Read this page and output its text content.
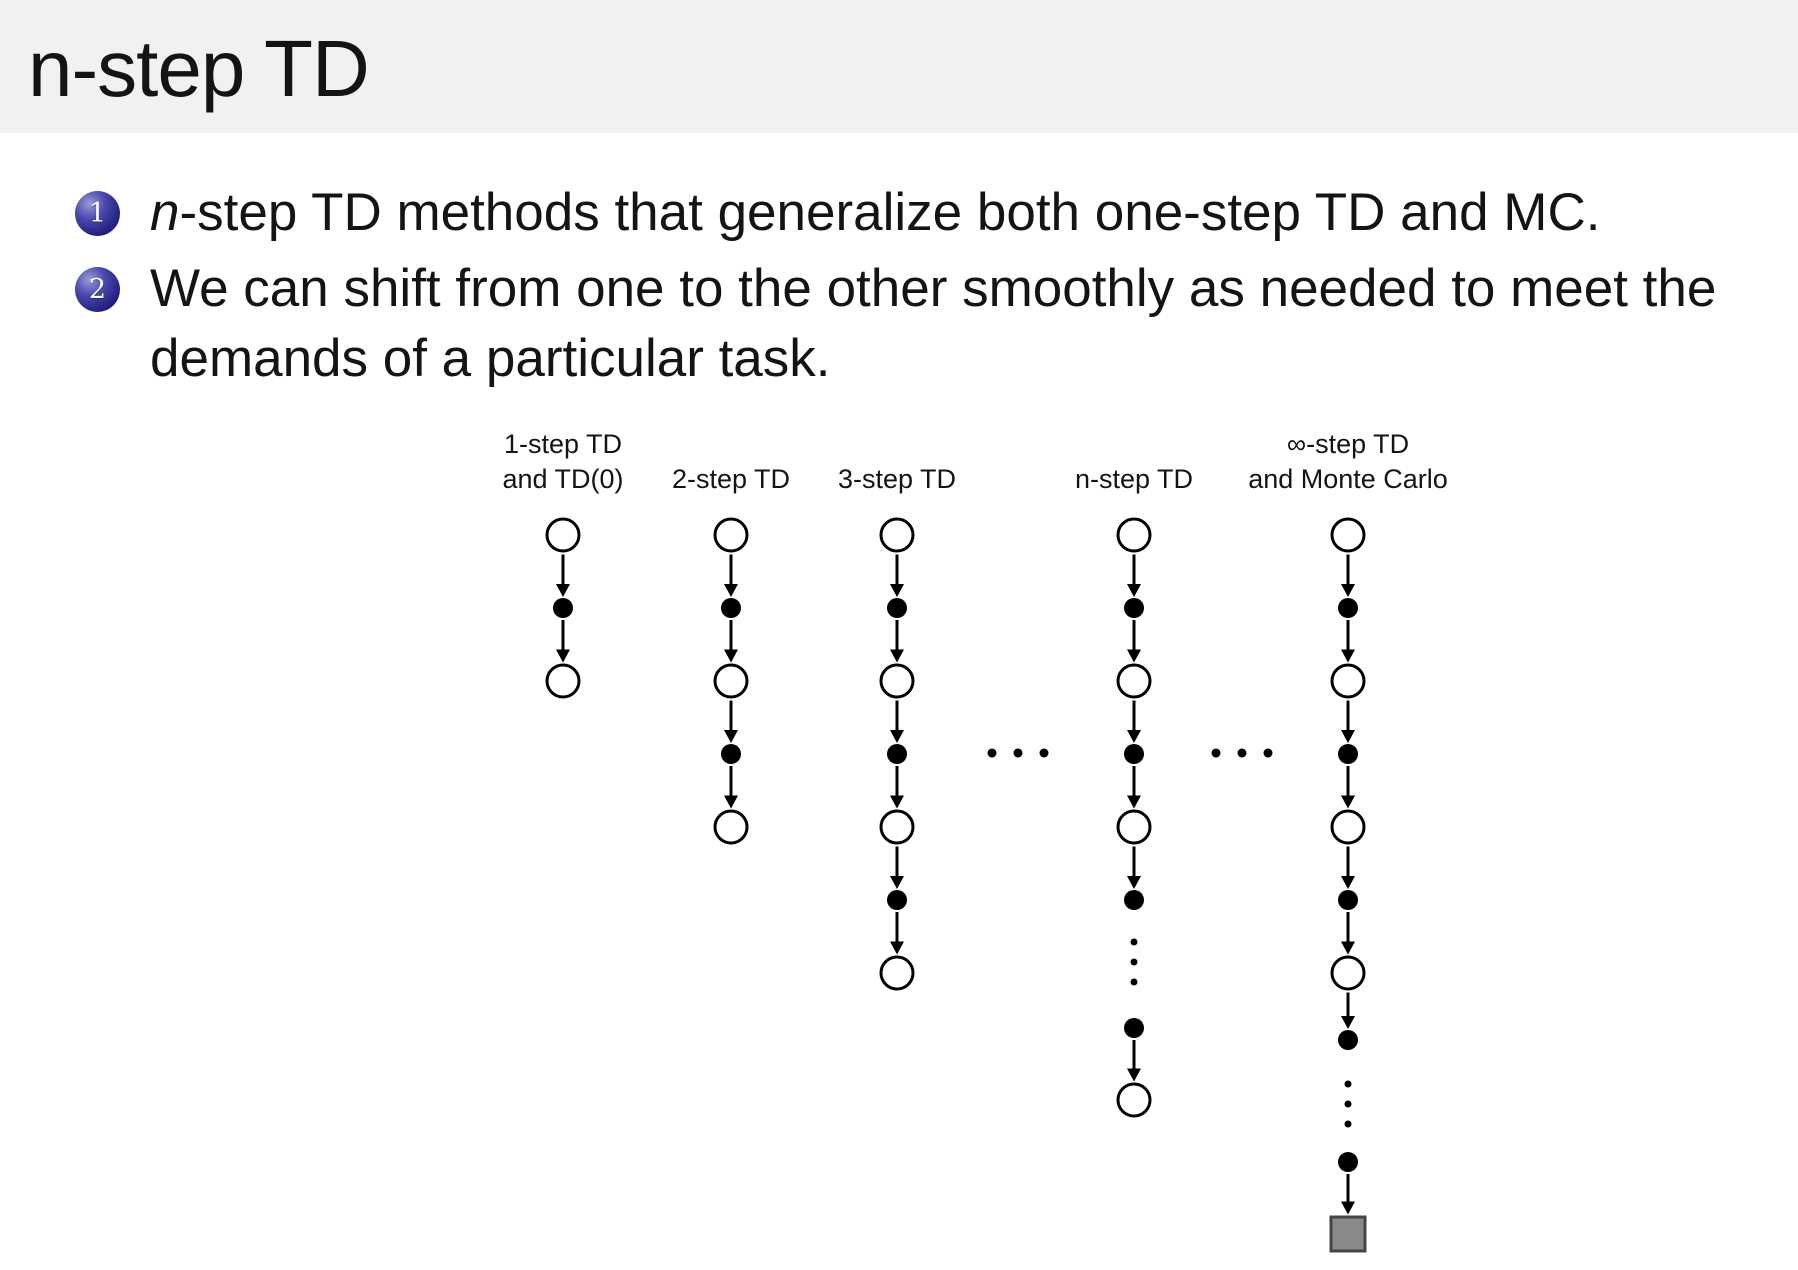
n-step TD
1 n-step TD methods that generalize both one-step TD and MC.
2 We can shift from one to the other smoothly as needed to meet the demands of a particular task.
1-step TD
and TD(0) 2-step TD 3-step TD	n-step TD
∞-step TD
and Monte Carlo
